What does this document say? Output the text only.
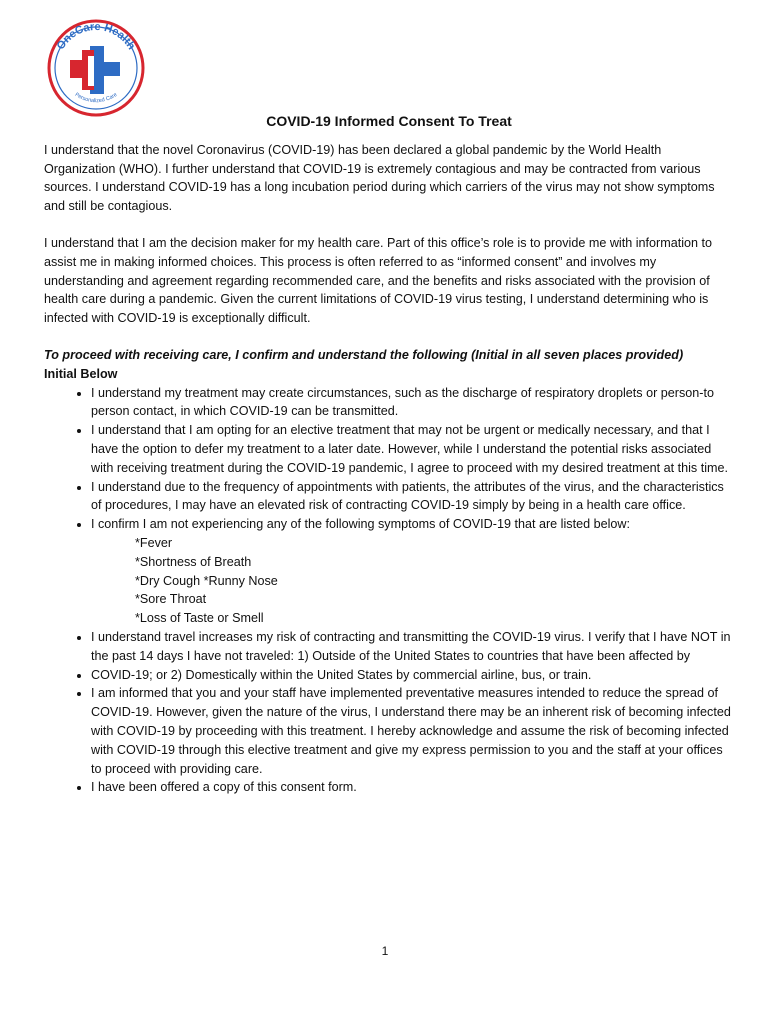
OneCare Health
Personalized Care
COVID-19 Informed Consent To Treat

I understand that the novel Coronavirus (COVID-19) has been declared a global pandemic by the World Health Organization (WHO). I further understand that COVID-19 is extremely contagious and may be contracted from various sources. I understand COVID-19 has a long incubation period during which carriers of the virus may not show symptoms and still be contagious.

I understand that I am the decision maker for my health care. Part of this office’s role is to provide me with information to assist me in making informed choices. This process is often referred to as “informed consent” and involves my understanding and agreement regarding recommended care, and the benefits and risks associated with the provision of health care during a pandemic. Given the current limitations of COVID-19 virus testing, I understand determining who is infected with COVID-19 is exceptionally difficult.

To proceed with receiving care, I confirm and understand the following (Initial in all seven places provided)
Initial Below
• I understand my treatment may create circumstances, such as the discharge of respiratory droplets or person-to
person contact, in which COVID-19 can be transmitted.
• I understand that I am opting for an elective treatment that may not be urgent or medically necessary, and that I have the option to defer my treatment to a later date. However, while I understand the potential risks associated with receiving treatment during the COVID-19 pandemic, I agree to proceed with my desired treatment at this time.
• I understand due to the frequency of appointments with patients, the attributes of the virus, and the characteristics of procedures, I may have an elevated risk of contracting COVID-19 simply by being in a health care office.
• I confirm I am not experiencing any of the following symptoms of COVID-19 that are listed below:
*Fever
*Shortness of Breath
*Dry Cough *Runny Nose
*Sore Throat
*Loss of Taste or Smell
• I understand travel increases my risk of contracting and transmitting the COVID-19 virus. I verify that I have NOT in the past 14 days I have not traveled: 1) Outside of the United States to countries that have been affected by
• COVID-19; or 2) Domestically within the United States by commercial airline, bus, or train.
• I am informed that you and your staff have implemented preventative measures intended to reduce the spread of COVID-19. However, given the nature of the virus, I understand there may be an inherent risk of becoming infected with COVID-19 by proceeding with this treatment. I hereby acknowledge and assume the risk of becoming infected with COVID-19 through this elective treatment and give my express permission to you and the staff at your offices to proceed with providing care.
• I have been offered a copy of this consent form.
1
